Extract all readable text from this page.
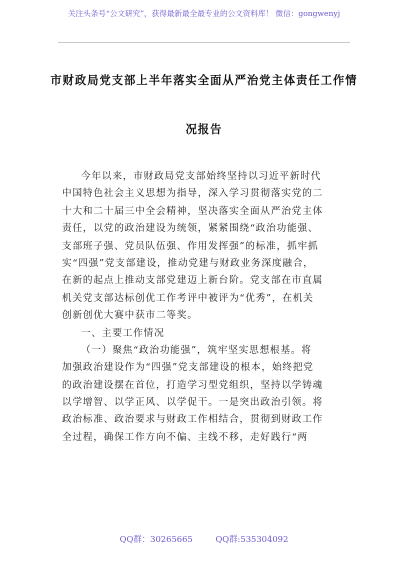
关注头条号“公文研究”，获得最新最全最专业的公文资料库！ 微信：gongwenyj
市财政局党支部上半年落实全面从严治党主体责任工作情
况报告
今年以来，市财政局党支部始终坚持以习近平新时代
中国特色社会主义思想为指导，深入学习贯彻落实党的二
十大和二十届三中全会精神，坚决落实全面从严治党主体
责任，以党的政治建设为统领，紧紧围绕“政治功能强、
支部班子强、党员队伍强、作用发挥强”的标准，抓牢抓
实“四强”党支部建设，推动党建与财政业务深度融合，
在新的起点上推动支部党建迈上新台阶。党支部在市直属
机关党支部达标创优工作考评中被评为“优秀”，在机关
创新创优大赛中获市二等奖。
一、主要工作情况
（一）聚焦“政治功能强”，筑牢坚实思想根基。将
加强政治建设作为“四强”党支部建设的根本，始终把党
的政治建设摆在首位，打造学习型党组织，坚持以学铸魂
以学增智、以学正风、以学促干。一是突出政治引领。将
政治标准、政治要求与财政工作相结合，贯彻到财政工作
全过程，确保工作方向不偏、主线不移，走好践行“两
QQ群：30265665	QQ群:535304092
